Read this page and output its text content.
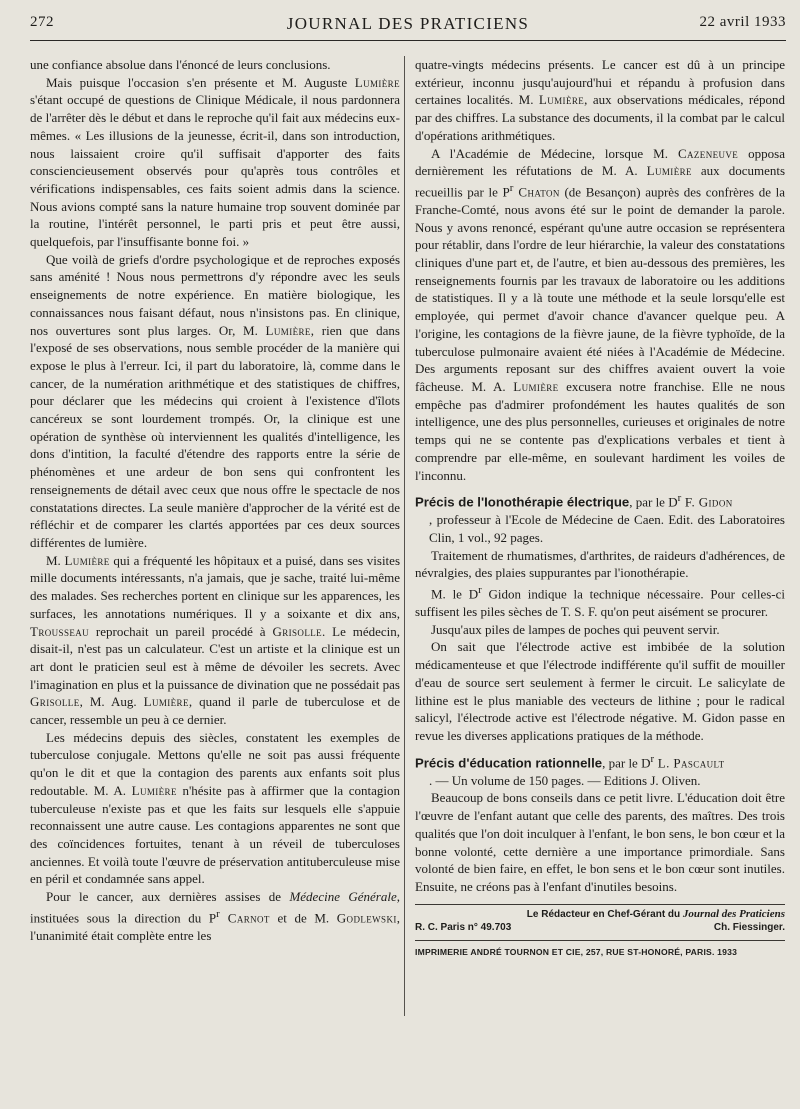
272	JOURNAL DES PRATICIENS	22 avril 1933

une confiance absolue dans l'énoncé de leurs conclusions.

Mais puisque l'occasion s'en présente et M. Auguste Lumière s'étant occupé de questions de Clinique Médicale, il nous pardonnera de l'arrêter dès le début et dans le reproche qu'il fait aux médecins eux-mêmes. « Les illusions de la jeunesse, écrit-il, dans son introduction, nous laissaient croire qu'il suffisait d'apporter des faits consciencieusement observés pour qu'après tous contrôles et vérifications indispensables, ces faits soient admis dans la science. Nous avions compté sans la nature humaine trop souvent dominée par la routine, l'intérêt personnel, le parti pris et peut être aussi, quelquefois, par l'insuffisante bonne foi. »

Que voilà de griefs d'ordre psychologique et de reproches exposés sans aménité ! Nous nous permettrons d'y répondre avec les seuls enseignements de notre expérience. En matière biologique, les connaissances nous faisant défaut, nous n'insistons pas. En clinique, nos ouvertures sont plus larges. Or, M. Lumière, rien que dans l'exposé de ses observations, nous semble procéder de la manière qui expose le plus à l'erreur. Ici, il part du laboratoire, là, comme dans le cancer, de la numération arithmétique et des statistiques de chiffres, pour déclarer que les médecins qui croient à l'existence d'îlots cancéreux se sont lourdement trompés. Or, la clinique est une opération de synthèse où interviennent les qualités d'intelligence, les dons d'intition, la faculté d'étendre des rapports entre la série de phénomènes et une ardeur de bon sens qui confrontent les renseignements de détail avec ceux que nous offre le spectacle de nos constatations directes. La seule manière d'approcher de la vérité est de réfléchir et de comparer les clartés apportées par ces deux sources différentes de lumière.

M. Lumière qui a fréquenté les hôpitaux et a puisé, dans ses visites mille documents intéressants, n'a jamais, que je sache, traité lui-même des malades. Ses recherches portent en clinique sur les apparences, les surfaces, les annotations numériques. Il y a soixante et dix ans, Trousseau reprochait un pareil procédé à Grisolle. Le médecin, disait-il, n'est pas un calculateur. C'est un artiste et la clinique est un art dont le praticien seul est à même de dévoiler les secrets. Avec l'imagination en plus et la puissance de divination que ne possédait pas Grisolle, M. Aug. Lumière, quand il parle de tuberculose et de cancer, ressemble un peu à ce dernier.

Les médecins depuis des siècles, constatent les exemples de tuberculose conjugale. Mettons qu'elle ne soit pas aussi fréquente qu'on le dit et que la contagion des parents aux enfants soit plus redoutable. M. A. Lumière n'hésite pas à affirmer que la contagion tuberculeuse n'existe pas et que les faits sur lesquels elle s'appuie reconnaissent une autre cause. Les contagions apparentes ne sont que des coïncidences fortuites, tenant à un réveil de tuberculoses anciennes. Et voilà toute l'œuvre de préservation antituberculeuse mise en péril et condamnée sans appel.

Pour le cancer, aux dernières assises de Médecine Générale, instituées sous la direction du $P^r$ Carnot et de M. Godlewski, l'unanimité était complète entre les

quatre-vingts médecins présents. Le cancer est dû à un principe extérieur, inconnu jusqu'aujourd'hui et répandu à profusion dans certaines localités. M. Lumière, aux observations médicales, répond par des chiffres. La substance des documents, il la combat par le calcul d'opérations arithmétiques.

A l'Académie de Médecine, lorsque M. Cazeneuve opposa dernièrement les réfutations de M. A. Lumière aux documents recueillis par le $P^r$ Chaton (de Besançon) auprès des confrères de la Franche-Comté, nous avons été sur le point de demander la parole. Nous y avons renoncé, espérant qu'une autre occasion se représentera pour rétablir, dans l'ordre de leur hiérarchie, la valeur des constatations cliniques d'une part et, de l'autre, et bien au-dessous des premières, les renseignements fournis par les travaux de laboratoire ou les additions de statistiques. Il y a là toute une méthode et la seule lorsqu'elle est employée, qui permet d'avoir chance d'avancer quelque peu. A l'origine, les contagions de la fièvre jaune, de la fièvre typhoïde, de la tuberculose pulmonaire avaient été niées à l'Académie de Médecine. Des arguments reposant sur des chiffres avaient ouvert la voie fâcheuse. M. A. Lumière excusera notre franchise. Elle ne nous empêche pas d'admirer profondément les hautes qualités de son intelligence, une des plus personnelles, curieuses et originales de notre temps qui ne se contente pas d'explications verbales et tient à comprendre par elle-même, en soulevant hardiment les voiles de l'inconnu.

Précis de l'Ionothérapie électrique, par le $D^r$ F. Gidon

, professeur à l'Ecole de Médecine de Caen. Edit. des Laboratoires Clin, 1 vol., 92 pages.

Traitement de rhumatismes, d'arthrites, de raideurs d'adhérences, de névralgies, des plaies suppurantes par l'ionothérapie.

M. le $D^r$ Gidon indique la technique nécessaire. Pour celles-ci suffisent les piles sèches de T. S. F. qu'on peut aisément se procurer.

Jusqu'aux piles de lampes de poches qui peuvent servir.

On sait que l'électrode active est imbibée de la solution médicamenteuse et que l'électrode indifférente qu'il suffit de mouiller d'eau de source sert seulement à fermer le circuit. Le salicylate de lithine est le plus maniable des vecteurs de lithine ; pour le radical salicyl, l'électrode active est l'électrode négative. M. Gidon passe en revue les diverses applications pratiques de la méthode.

Précis d'éducation rationnelle, par le $D^r$ L. Pascault

. — Un volume de 150 pages. — Editions J. Oliven.

Beaucoup de bons conseils dans ce petit livre. L'éducation doit être l'œuvre de l'enfant autant que celle des parents, des maîtres. Des trois qualités que l'on doit inculquer à l'enfant, le bon sens, le bon cœur et la bonne volonté, cette dernière a une importance primordiale. Sans volonté de bien faire, en effet, le bon sens et le bon cœur sont inutiles. Ensuite, ne créons pas à l'enfant d'inutiles besoins.

Le Rédacteur en Chef-Gérant du Journal des Praticiens
R. C. Paris n° 49.703	Ch. Fiessinger.
IMPRIMERIE ANDRÉ TOURNON ET CIE, 257, RUE ST-HONORÉ, PARIS. 1933
